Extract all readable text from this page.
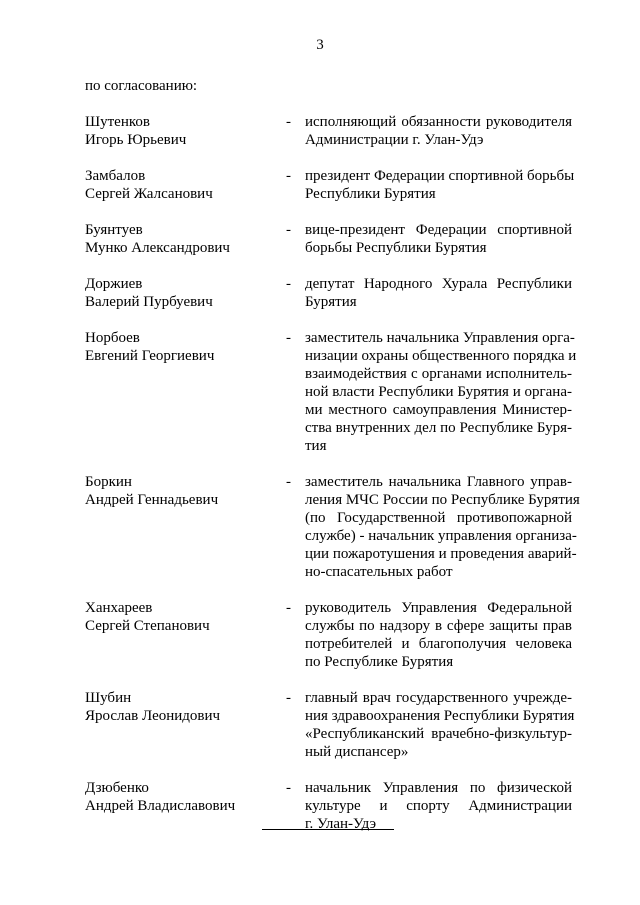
3
по согласованию:
Шутенков
Игорь Юрьевич
- исполняющий обязанности руководителя
Администрации г. Улан-Удэ
Замбалов
Сергей Жалсанович
- президент Федерации спортивной борьбы
Республики Бурятия
Буянтуев
Мунко Александрович
- вице-президент Федерации спортивной
борьбы Республики Бурятия
Доржиев
Валерий Пурбуевич
- депутат Народного Хурала Республики
Бурятия
Норбоев
Евгений Георгиевич
- заместитель начальника Управления орга-
низации охраны общественного порядка и
взаимодействия с органами исполнитель-
ной власти Республики Бурятия и органа-
ми местного самоуправления Министер-
ства внутренних дел по Республике Буря-
тия
Боркин
Андрей Геннадьевич
- заместитель начальника Главного управ-
ления МЧС России по Республике Бурятия
(по Государственной противопожарной
службе) - начальник управления организа-
ции пожаротушения и проведения аварий-
но-спасательных работ
Ханхареев
Сергей Степанович
- руководитель Управления Федеральной
службы по надзору в сфере защиты прав
потребителей и благополучия человека
по Республике Бурятия
Шубин
Ярослав Леонидович
- главный врач государственного учрежде-
ния здравоохранения Республики Бурятия
«Республиканский врачебно-физкультур-
ный диспансер»
Дзюбенко
Андрей Владиславович
- начальник Управления по физической
культуре и спорту Администрации
г. Улан-Удэ
